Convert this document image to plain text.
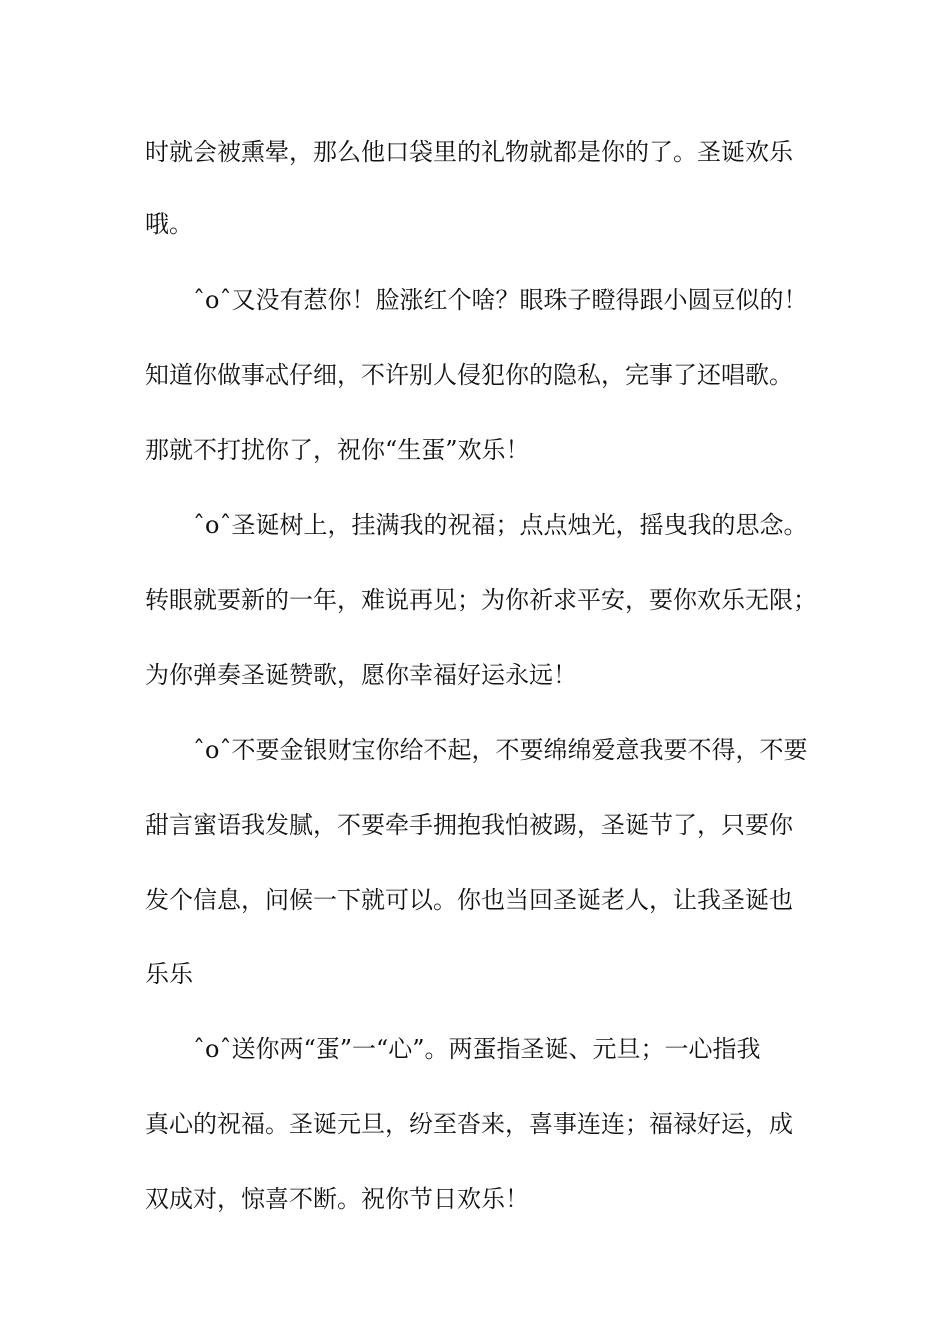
时就会被熏晕，那么他口袋里的礼物就都是你的了。圣诞欢乐
哦。
ˆoˆ又没有惹你！脸涨红个啥？眼珠子瞪得跟小圆豆似的！
知道你做事忒仔细，不许别人侵犯你的隐私，完事了还唱歌。
那就不打扰你了，祝你“生蛋”欢乐！
ˆoˆ圣诞树上，挂满我的祝福；点点烛光，摇曳我的思念。
转眼就要新的一年，难说再见；为你祈求平安，要你欢乐无限；
为你弹奏圣诞赞歌，愿你幸福好运永远！
ˆoˆ不要金银财宝你给不起，不要绵绵爱意我要不得，不要
甜言蜜语我发腻，不要牵手拥抱我怕被踢，圣诞节了，只要你
发个信息，问候一下就可以。你也当回圣诞老人，让我圣诞也
乐乐
ˆoˆ送你两“蛋”一“心”。两蛋指圣诞、元旦；一心指我
真心的祝福。圣诞元旦，纷至沓来，喜事连连；福禄好运，成
双成对，惊喜不断。祝你节日欢乐！
